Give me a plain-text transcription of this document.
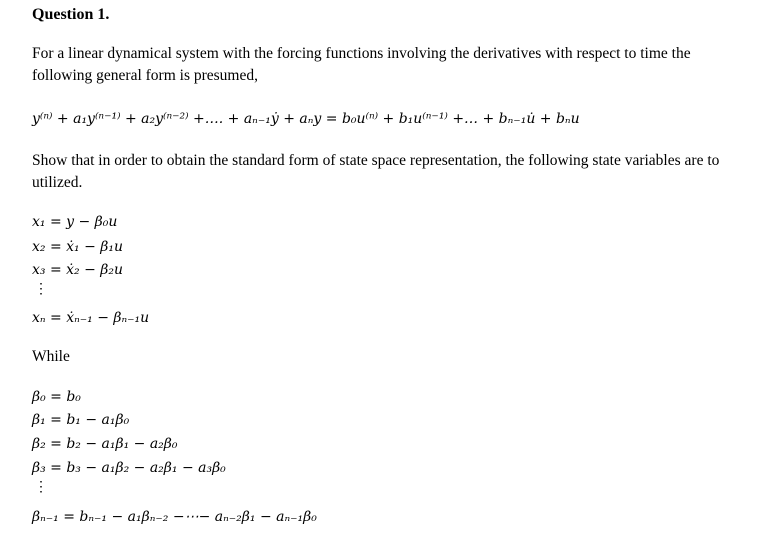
Question 1.
For a linear dynamical system with the forcing functions involving the derivatives with respect to time the following general form is presumed,
y⁽ⁿ⁾ + a₁y⁽ⁿ⁻¹⁾ + a₂y⁽ⁿ⁻²⁾ +…. + aₙ₋₁ẏ + aₙy = b₀u⁽ⁿ⁾ + b₁u⁽ⁿ⁻¹⁾ +… + bₙ₋₁u̇ + bₙu
Show that in order to obtain the standard form of state space representation, the following state variables are to utilized.
x₁ = y − β₀u
x₂ = ẋ₁ − β₁u
x₃ = ẋ₂ − β₂u
⋮
xₙ = ẋₙ₋₁ − βₙ₋₁u
While
β₀ = b₀
β₁ = b₁ − a₁β₀
β₂ = b₂ − a₁β₁ − a₂β₀
β₃ = b₃ − a₁β₂ − a₂β₁ − a₃β₀
⋮
βₙ₋₁ = bₙ₋₁ − a₁βₙ₋₂ −⋯− aₙ₋₂β₁ − aₙ₋₁β₀
